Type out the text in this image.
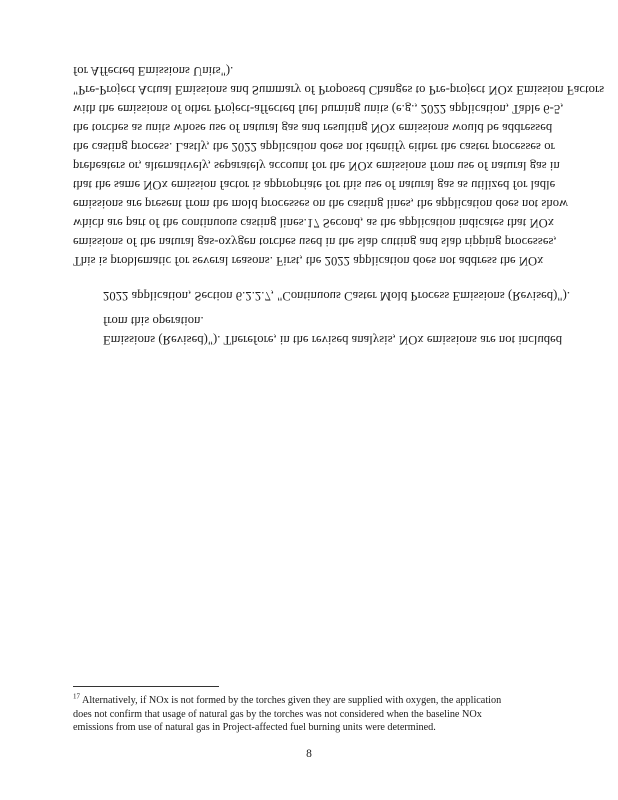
for Affected Emissions Units").
"Pre-Project Actual Emissions and Summary of Proposed Changes to Pre-project NOx Emission Factors
with the emissions of other Project-affected fuel burning units (e.g., 2022 application, Table 6-5,
the torches as units whose use of natural gas and resulting NOx emissions would be addressed
the casting process. Lastly, the 2022 application does not identify either the caster processes or
preheaters or, alternatively, separately account for the NOx emissions from use of natural gas in
that the same NOx emission factor is appropriate for this use of natural gas as utilized for ladle
emissions are present from the mold processes on the casting lines, the application does not show
which are part of the continuous casting lines.17 Second, as the application indicates that NOx
emissions of the natural gas-oxygen torches used in the slab cutting and slab ripping processes,
This is problematic for several reasons. First, the 2022 application does not address the NOx
2022 application, Section 6.2.2.7, "Continuous Caster Mold Process Emissions (Revised)").
from this operation.
Emissions (Revised)"). Therefore, in the revised analysis, NOx emissions are not included
$^{17}$ Alternatively, if NOx is not formed by the torches given they are supplied with oxygen, the application
does not confirm that usage of natural gas by the torches was not considered when the baseline NOx
emissions from use of natural gas in Project-affected fuel burning units were determined.
8
